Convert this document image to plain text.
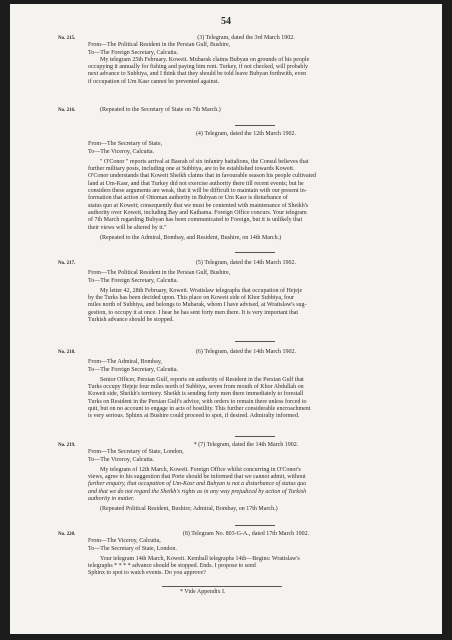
54
No. 215.	(3) Telegram, dated the 3rd March 1902.

From—The Political Resident in the Persian Gulf, Bushire,

To—The Foreign Secretary, Calcutta.

My telegram 25th February. Koweit. Mubarak claims Bubyan on grounds of his people

occupying it annually for fishing and paying him rent. Turkey, if not checked, will probably

next advance to Subbiya, and I think that they should be told leave Bubyan forthwith, even

if occupation of Um Kasr cannot be prevented against.

No. 216.	(Repeated to the Secretary of State on 7th March.)

(4) Telegram, dated the 12th March 1902.

From—The Secretary of State,

To—The Viceroy, Calcutta.

" O'Conor " reports arrival at Basrah of six infantry battalions, the Consul believes that

further military posts, including one at Subbiya, are to be established towards Koweit.

O'Conor understands that Koweit Sheikh claims that in favourable season his people cultivated

land at Um-Kasr, and that Turkey did not exercise authority there till recent events; but he

considers these arguments are weak, that it will be difficult to maintain with our present in-

formation that action of Ottoman authority in Bubyan or Um Kasr is disturbance of

status quo at Koweit; consequently that we must be contented with maintenance of Sheikh's

authority over Koweit, including Bay and Kathama. Foreign Office concurs. Your telegram

of 7th March regarding Bubyan has been communicated to Foreign, but it is unlikely that

their views will be altered by it."

(Repeated to the Admiral, Bombay, and Resident, Bushire, on 14th March.)

No. 217.	(5) Telegram, dated the 14th March 1902.

From—The Political Resident in the Persian Gulf, Bushire,

To—The Foreign Secretary, Calcutta.

My letter 42, 28th February, Koweit. Wratislaw telegraphs that occupation of Hejeje

by the Turks has been decided upon. This place on Koweit side of Khor Subbiya, four

miles north of Subbiya, and belongs to Mubarak, whom I have advised, at Wratislaw's sug-

gestion, to occupy it at once. I hear he has sent forty men there. It is very important that

Turkish advance should be stopped.

No. 218.	(6) Telegram, dated the 14th March 1902.

From—The Admiral, Bombay,

To—The Foreign Secretary, Calcutta.

Senior Officer, Persian Gulf, reports on authority of Resident in the Persian Gulf that

Turks occupy Hejeje four miles north of Subbiya, seven from mouth of Khor Abdullah on

Koweit side, Sheikh's territory. Sheikh is sending forty men there immediately to forestall

Turks on Resident in the Persian Gulf's advice, with orders to remain there unless forced to

quit, but on no account to engage in acts of hostility. This further considerable encroachment

is very serious. Sphinx at Bushire could proceed to spot, if desired. Admiralty informed.

No. 219.	* (7) Telegram, dated the 14th March 1902.

From—The Secretary of State, London,

To—The Viceroy, Calcutta.

My telegram of 12th March, Koweit. Foreign Office whilst concurring in O'Conor's

views, agree to his suggestion that Porte should be informed that we cannot admit, without

further enquiry, that occupation of Um-Kasr and Bubyan is not a disturbance of status quo

and that we do not regard the Sheikh's rights as in any way prejudiced by action of Turkish

authority in matter.

(Repeated Political Resident, Bushire; Admiral, Bombay, on 17th March.)

No. 220.	(8) Telegram No. 803-G-A., dated 17th March 1902.

From—The Viceroy, Calcutta,

To—The Secretary of State, London.

Your telegram 14th March, Koweit. Kemball telegraphs 14th—Begins: Wratislaw's

telegraphs * * * * advance should be stopped. Ends. I propose to send

Sphinx to spot to watch events. Do you approve?

* Vide Appendix I.
